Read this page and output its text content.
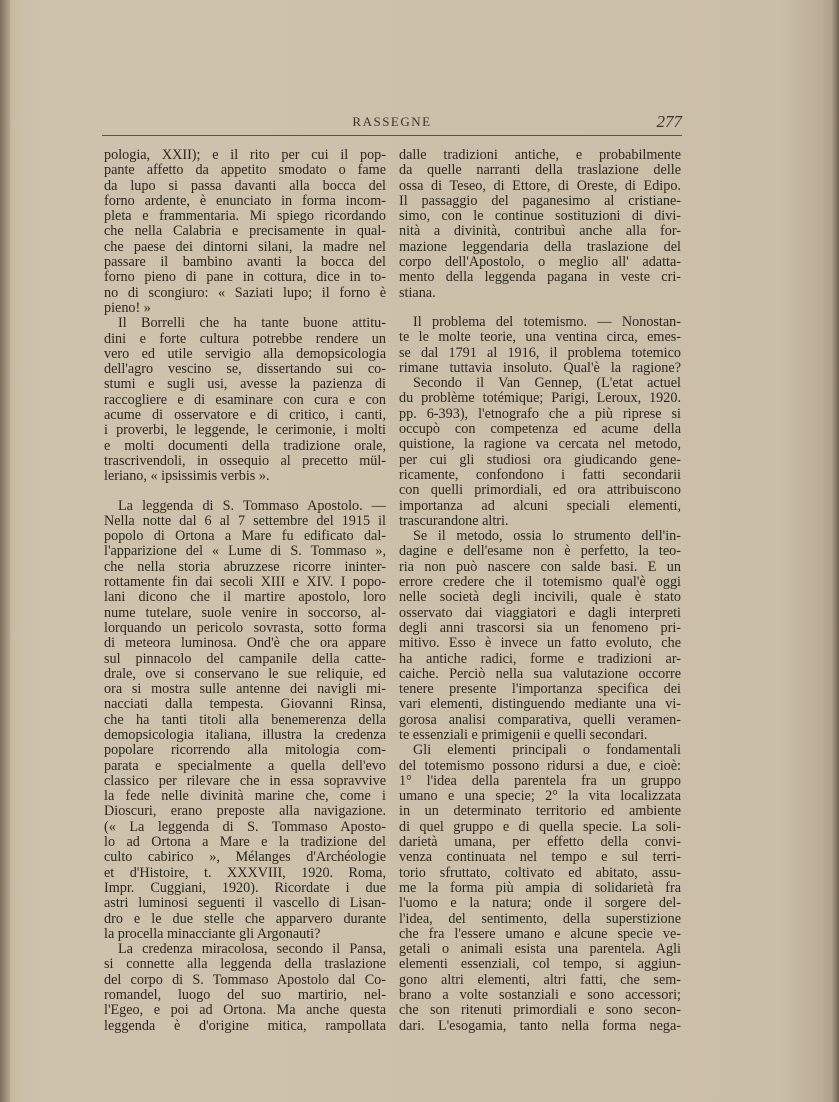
RASSEGNE	277
pologia, XXII); e il rito per cui il pop-
pante affetto da appetito smodato o fame
da lupo si passa davanti alla bocca del
forno ardente, è enunciato in forma incom-
pleta e frammentaria. Mi spiego ricordando
che nella Calabria e precisamente in qual-
che paese dei dintorni silani, la madre nel
passare il bambino avanti la bocca del
forno pieno di pane in cottura, dice in to-
no di scongiuro: « Saziati lupo; il forno è
pieno! »
Il Borrelli che ha tante buone attitu-
dini e forte cultura potrebbe rendere un
vero ed utile servigio alla demopsicologia
dell'agro vescino se, dissertando sui co-
stumi e sugli usi, avesse la pazienza di
raccogliere e di esaminare con cura e con
acume di osservatore e di critico, i canti,
i proverbi, le leggende, le cerimonie, i molti
e molti documenti della tradizione orale,
trascrivendoli, in ossequio al precetto mül-
leriano, « ipsissimis verbis ».
La leggenda di S. Tommaso Apostolo. —
Nella notte dal 6 al 7 settembre del 1915 il
popolo di Ortona a Mare fu edificato dal-
l'apparizione del « Lume di S. Tommaso »,
che nella storia abruzzese ricorre ininter-
rottamente fin dai secoli XIII e XIV. I popo-
lani dicono che il martire apostolo, loro
nume tutelare, suole venire in soccorso, al-
lorquando un pericolo sovrasta, sotto forma
di meteora luminosa. Ond'è che ora appare
sul pinnacolo del campanile della catte-
drale, ove si conservano le sue reliquie, ed
ora si mostra sulle antenne dei navigli mi-
nacciati dalla tempesta. Giovanni Rinsa,
che ha tanti titoli alla benemerenza della
demopsicologia italiana, illustra la credenza
popolare ricorrendo alla mitologia com-
parata e specialmente a quella dell'evo
classico per rilevare che in essa sopravvive
la fede nelle divinità marine che, come i
Dioscuri, erano preposte alla navigazione.
(« La leggenda di S. Tommaso Aposto-
lo ad Ortona a Mare e la tradizione del
culto cabirico », Mélanges d'Archéologie
et d'Histoire, t. XXXVIII, 1920. Roma,
Impr. Cuggiani, 1920). Ricordate i due
astri luminosi seguenti il vascello di Lisan-
dro e le due stelle che apparvero durante
la procella minacciante gli Argonauti?
La credenza miracolosa, secondo il Pansa,
si connette alla leggenda della traslazione
del corpo di S. Tommaso Apostolo dal Co-
romandel, luogo del suo martirio, nel-
l'Egeo, e poi ad Ortona. Ma anche questa
leggenda è d'origine mitica, rampollata
dalle tradizioni antiche, e probabilmente
da quelle narranti della traslazione delle
ossa di Teseo, di Ettore, di Oreste, di Edipo.
Il passaggio del paganesimo al cristiane-
simo, con le continue sostituzioni di divi-
nità a divinità, contribuì anche alla for-
mazione leggendaria della traslazione del
corpo dell'Apostolo, o meglio all' adatta-
mento della leggenda pagana in veste cri-
stiana.
Il problema del totemismo. — Nonostan-
te le molte teorie, una ventina circa, emes-
se dal 1791 al 1916, il problema totemico
rimane tuttavia insoluto. Qual'è la ragione?
Secondo il Van Gennep, (L'etat actuel
du problème totémique; Parigi, Leroux, 1920.
pp. 6-393), l'etnografo che a più riprese si
occupò con competenza ed acume della
quistione, la ragione va cercata nel metodo,
per cui gli studiosi ora giudicando gene-
ricamente, confondono i fatti secondarii
con quelli primordiali, ed ora attribuiscono
importanza ad alcuni speciali elementi,
trascurandone altri.
Se il metodo, ossia lo strumento dell'in-
dagine e dell'esame non è perfetto, la teo-
ria non può nascere con salde basi. È un
errore credere che il totemismo qual'è oggi
nelle società degli incivili, quale è stato
osservato dai viaggiatori e dagli interpreti
degli anni trascorsi sia un fenomeno pri-
mitivo. Esso è invece un fatto evoluto, che
ha antiche radici, forme e tradizioni ar-
caiche. Perciò nella sua valutazione occorre
tenere presente l'importanza specifica dei
vari elementi, distinguendo mediante una vi-
gorosa analisi comparativa, quelli veramen-
te essenziali e primigenii e quelli secondari.
Gli elementi principali o fondamentali
del totemismo possono ridursi a due, e cioè:
1° l'idea della parentela fra un gruppo
umano e una specie; 2° la vita localizzata
in un determinato territorio ed ambiente
di quel gruppo e di quella specie. La soli-
darietà umana, per effetto della convi-
venza continuata nel tempo e sul terri-
torio sfruttato, coltivato ed abitato, assu-
me la forma più ampia di solidarietà fra
l'uomo e la natura; onde il sorgere del-
l'idea, del sentimento, della superstizione
che fra l'essere umano e alcune specie ve-
getali o animali esista una parentela. Agli
elementi essenziali, col tempo, si aggiun-
gono altri elementi, altri fatti, che sem-
brano a volte sostanziali e sono accessori;
che son ritenuti primordiali e sono secon-
dari. L'esogamia, tanto nella forma nega-
